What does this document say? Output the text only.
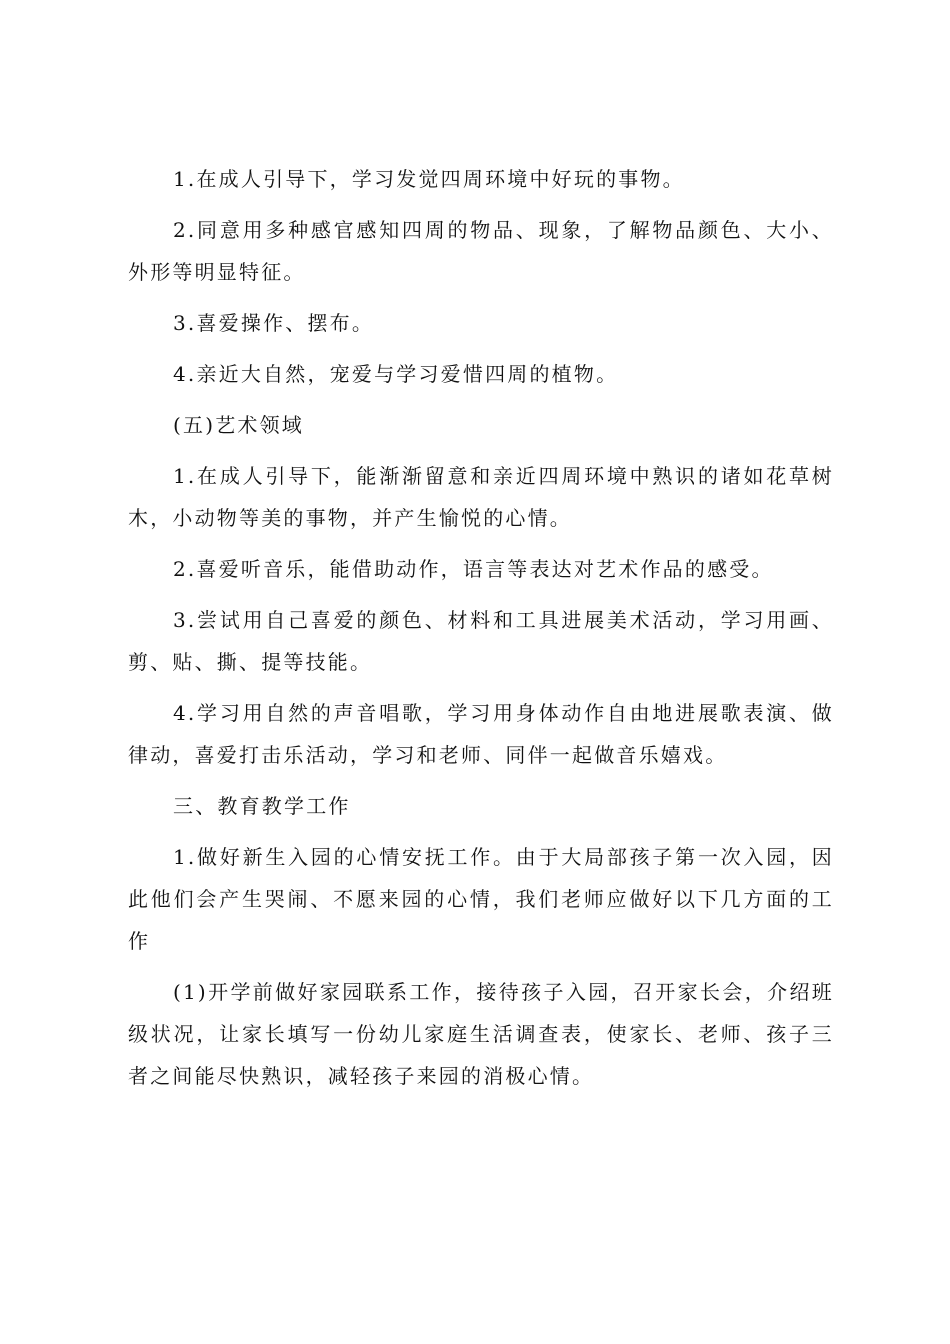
1.在成人引导下，学习发觉四周环境中好玩的事物。

2.同意用多种感官感知四周的物品、现象，了解物品颜色、大小、外形等明显特征。

3.喜爱操作、摆布。

4.亲近大自然，宠爱与学习爱惜四周的植物。

(五)艺术领域

1.在成人引导下，能渐渐留意和亲近四周环境中熟识的诸如花草树木，小动物等美的事物，并产生愉悦的心情。

2.喜爱听音乐，能借助动作，语言等表达对艺术作品的感受。

3.尝试用自己喜爱的颜色、材料和工具进展美术活动，学习用画、剪、贴、撕、提等技能。

4.学习用自然的声音唱歌，学习用身体动作自由地进展歌表演、做律动，喜爱打击乐活动，学习和老师、同伴一起做音乐嬉戏。

三、教育教学工作

1.做好新生入园的心情安抚工作。由于大局部孩子第一次入园，因此他们会产生哭闹、不愿来园的心情，我们老师应做好以下几方面的工作

(1)开学前做好家园联系工作，接待孩子入园，召开家长会，介绍班级状况，让家长填写一份幼儿家庭生活调查表，使家长、老师、孩子三者之间能尽快熟识，减轻孩子来园的消极心情。
